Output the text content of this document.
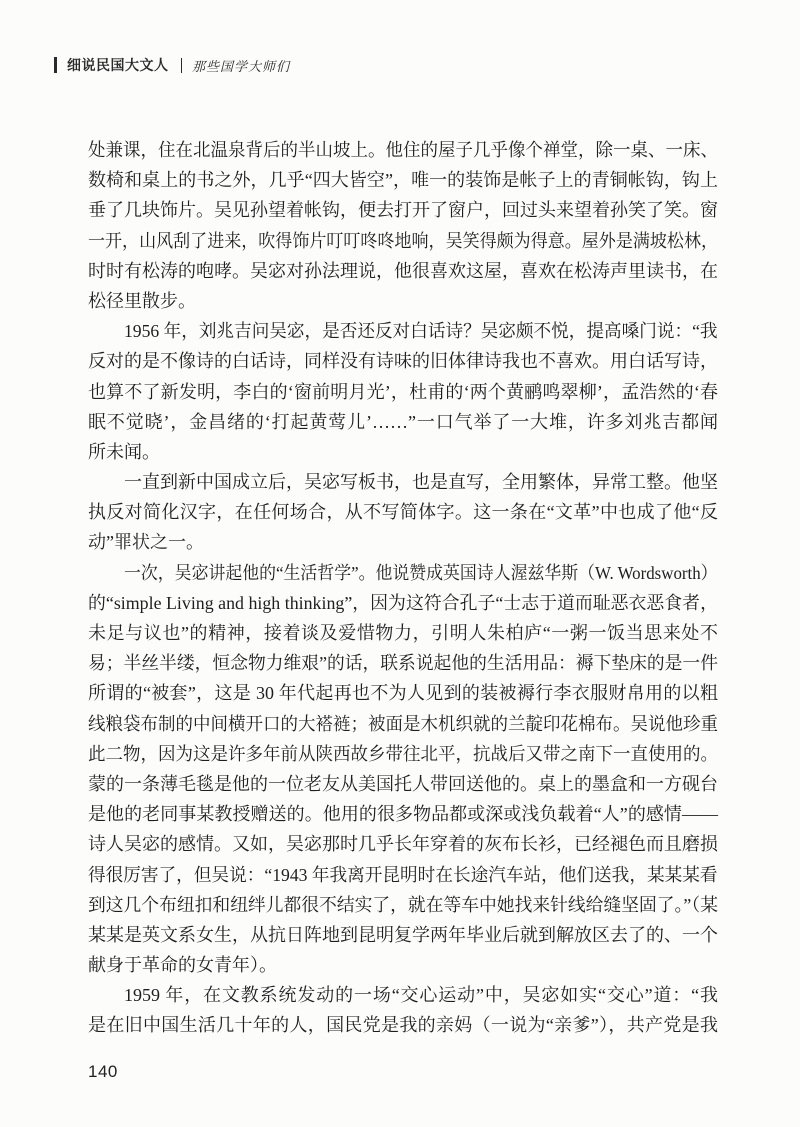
细说民国大文人 那些国学大师们
处兼课，住在北温泉背后的半山坡上。他住的屋子几乎像个禅堂，除一桌、一床、
数椅和桌上的书之外，几乎“四大皆空”，唯一的装饰是帐子上的青铜帐钩，钩上
垂了几块饰片。吴见孙望着帐钩，便去打开了窗户，回过头来望着孙笑了笑。窗
一开，山风刮了进来，吹得饰片叮叮咚咚地响，吴笑得颇为得意。屋外是满坡松林，
时时有松涛的咆哮。吴宓对孙法理说，他很喜欢这屋，喜欢在松涛声里读书，在
松径里散步。
1956 年，刘兆吉问吴宓，是否还反对白话诗？吴宓颇不悦，提高嗓门说：“我
反对的是不像诗的白话诗，同样没有诗味的旧体律诗我也不喜欢。用白话写诗，
也算不了新发明，李白的‘窗前明月光’，杜甫的‘两个黄鹂鸣翠柳’，孟浩然的‘春
眠不觉晓’，金昌绪的‘打起黄莺儿’……”一口气举了一大堆，许多刘兆吉都闻
所未闻。
一直到新中国成立后，吴宓写板书，也是直写，全用繁体，异常工整。他坚
执反对简化汉字，在任何场合，从不写简体字。这一条在“文革”中也成了他“反
动”罪状之一。
一次，吴宓讲起他的“生活哲学”。他说赞成英国诗人渥兹华斯（W. Wordsworth）
的“simple Living and high thinking”，因为这符合孔子“士志于道而耻恶衣恶食者，
未足与议也”的精神，接着谈及爱惜物力，引明人朱柏庐“一粥一饭当思来处不
易；半丝半缕，恒念物力维艰”的话，联系说起他的生活用品：褥下垫床的是一件
所谓的“被套”，这是 30 年代起再也不为人见到的装被褥行李衣服财帛用的以粗
线粮袋布制的中间横开口的大褡裢；被面是木机织就的兰靛印花棉布。吴说他珍重
此二物，因为这是许多年前从陕西故乡带往北平，抗战后又带之南下一直使用的。
蒙的一条薄毛毯是他的一位老友从美国托人带回送他的。桌上的墨盒和一方砚台
是他的老同事某教授赠送的。他用的很多物品都或深或浅负载着“人”的感情——
诗人吴宓的感情。又如，吴宓那时几乎长年穿着的灰布长衫，已经褪色而且磨损
得很厉害了，但吴说：“1943 年我离开昆明时在长途汽车站，他们送我，某某某看
到这几个布纽扣和纽绊儿都很不结实了，就在等车中她找来针线给缝坚固了。”（某
某某是英文系女生，从抗日阵地到昆明复学两年毕业后就到解放区去了的、一个
献身于革命的女青年）。
1959 年，在文教系统发动的一场“交心运动”中，吴宓如实“交心”道：“我
是在旧中国生活几十年的人，国民党是我的亲妈（一说为“亲爹”），共产党是我
140
